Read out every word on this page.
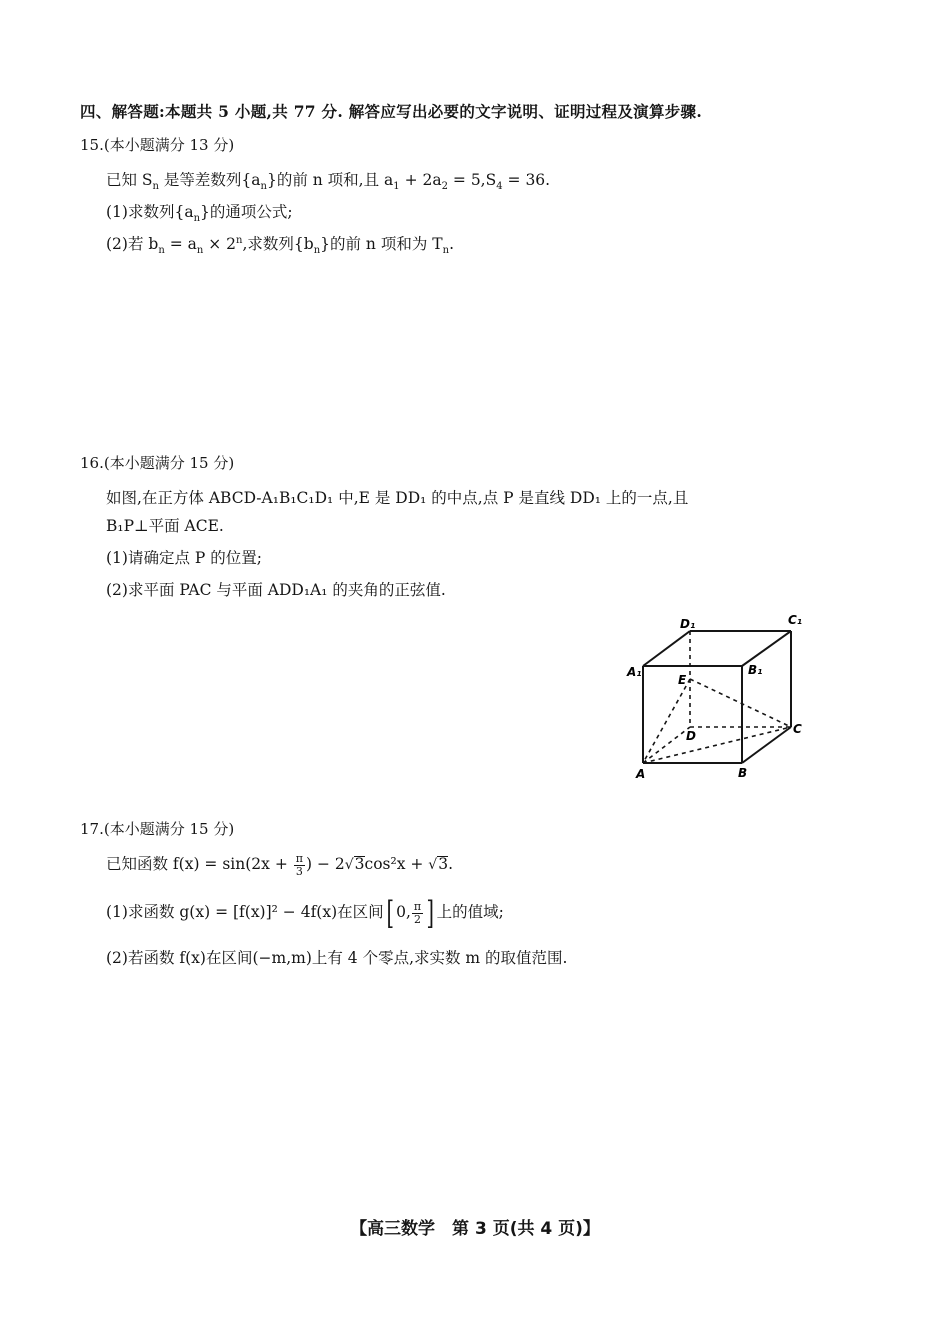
四、解答题:本题共 5 小题,共 77 分. 解答应写出必要的文字说明、证明过程及演算步骤.
15.(本小题满分 13 分)
已知 $S_n$ 是等差数列$\{a_n\}$的前 n 项和,且 $a_1 + 2a_2 = 5,S_4 = 36$.
(1)求数列$\{a_n\}$的通项公式;
(2)若 $b_n = a_n \times 2^n$,求数列$\{b_n\}$的前 n 项和为 $T_n$.
16.(本小题满分 15 分)
如图,在正方体 ABCD-A₁B₁C₁D₁ 中,E 是 DD₁ 的中点,点 P 是直线 DD₁ 上的一点,且
B₁P⊥平面 ACE.
(1)请确定点 P 的位置;
(2)求平面 PAC 与平面 ADD₁A₁ 的夹角的正弦值.
D₁	C₁
A₁	B₁
E
D	C
A	B
17.(本小题满分 15 分)
已知函数 $f(x) = \sin(2x + \frac{\pi}{3}$ ) − 2√3cos²x + √3.
(1)求函数 g(x) = [f(x)]² − 4f(x)在区间[ 0, $\frac{\pi}{2}$ ] 上的值域;
(2)若函数 f(x)在区间(−m,m)上有 4 个零点,求实数 m 的取值范围.
【高三数学　第 3 页(共 4 页)】
